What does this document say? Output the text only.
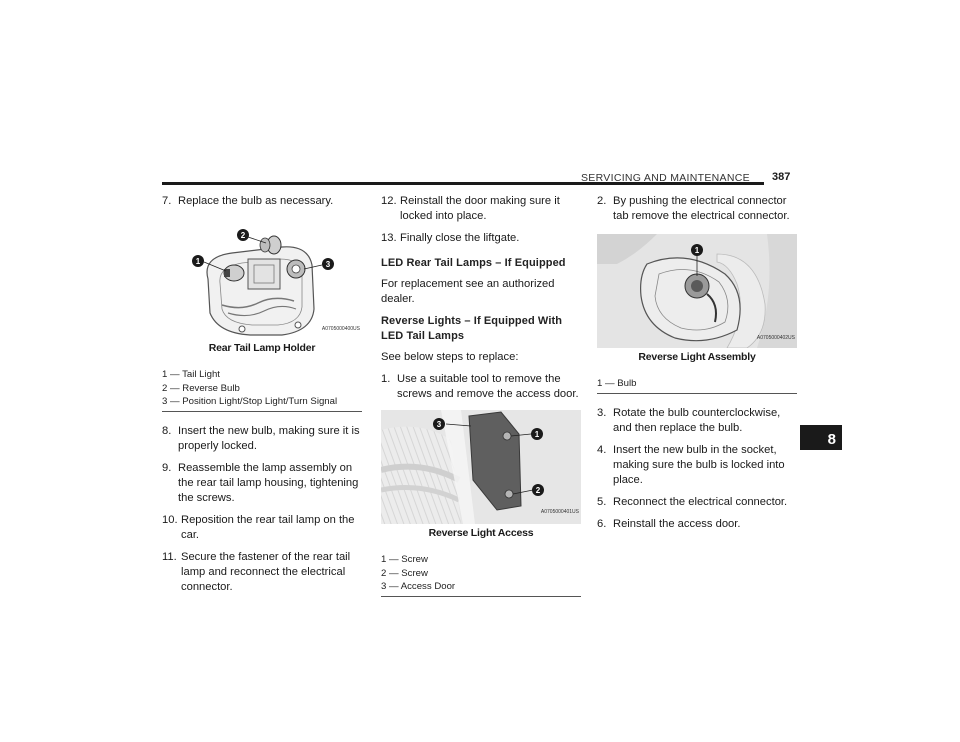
SERVICING AND MAINTENANCE 387
8
7. Replace the bulb as necessary.
1
2
3
A0705000400US
Rear Tail Lamp Holder
1 — Tail Light
2 — Reverse Bulb
3 — Position Light/Stop Light/Turn Signal
8. Insert the new bulb, making sure it is properly locked.
9. Reassemble the lamp assembly on the rear tail lamp housing, tightening the screws.
10. Reposition the rear tail lamp on the car.
11. Secure the fastener of the rear tail lamp and reconnect the electrical connector.
12. Reinstall the door making sure it locked into place.
13. Finally close the liftgate.
LED Rear Tail Lamps – If Equipped

For replacement see an authorized dealer.

Reverse Lights – If Equipped With LED Tail Lamps

See below steps to replace:

1. Use a suitable tool to remove the screws and remove the access door.
3
1
2
A0705000401US
Reverse Light Access
1 — Screw
2 — Screw
3 — Access Door
2. By pushing the electrical connector tab remove the electrical connector.
1
A0705000402US
Reverse Light Assembly
1 — Bulb
3. Rotate the bulb counterclockwise, and then replace the bulb.
4. Insert the new bulb in the socket, making sure the bulb is locked into place.
5. Reconnect the electrical connector.
6. Reinstall the access door.
